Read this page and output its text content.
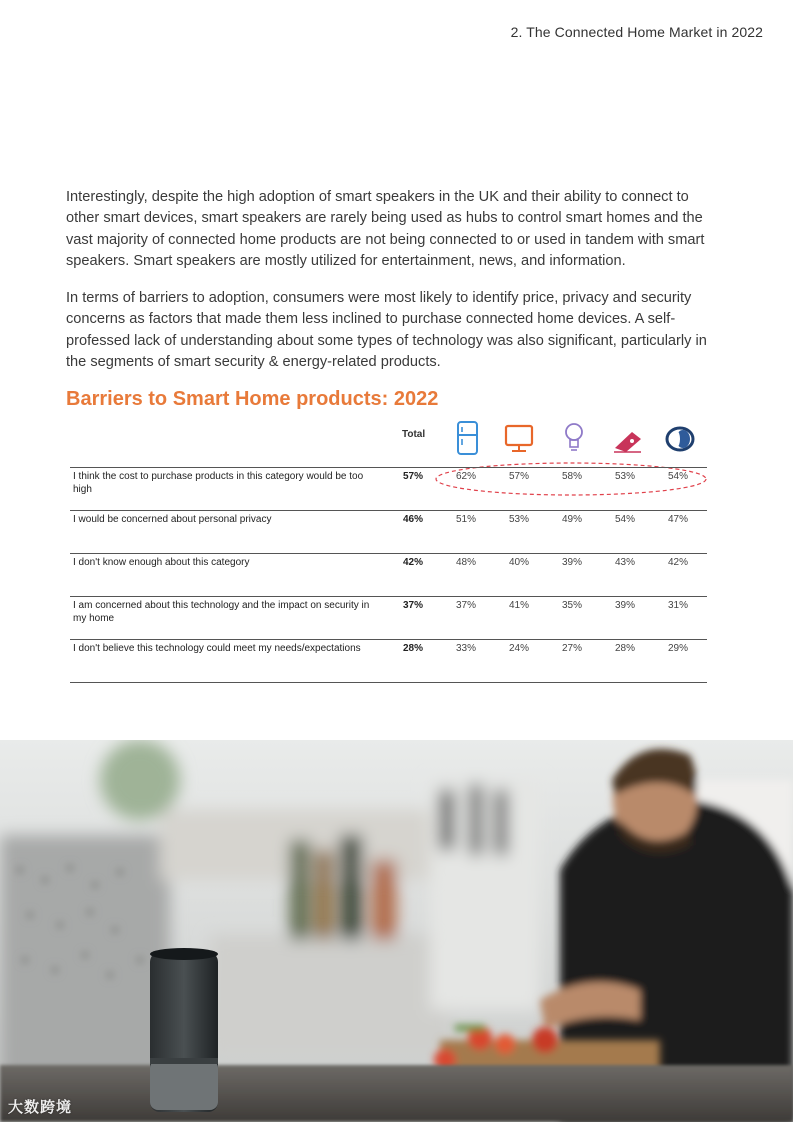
2. The Connected Home Market in 2022

Interestingly, despite the high adoption of smart speakers in the UK and their ability to connect to other smart devices, smart speakers are rarely being used as hubs to control smart homes and the vast majority of connected home products are not being connected to or used in tandem with smart speakers. Smart speakers are mostly utilized for entertainment, news, and information.

In terms of barriers to adoption, consumers were most likely to identify price, privacy and security concerns as factors that made them less inclined to purchase connected home devices. A self-professed lack of understanding about some types of technology was also significant, particularly in the segments of smart security & energy-related products.

Barriers to Smart Home products: 2022
Total
I think the cost to purchase products in this category would be too high
57%	62%	57%	58%	53%	54%
I would be concerned about personal privacy	46%	51%	53%	49%	54%	47%
I don't know enough about this category	42%	48%	40%	39%	43%	42%
I am concerned about this technology and the impact on security in my home
37%	37%	41%	35%	39%	31%
I don't believe this technology could meet my needs/expectations	28%	33%	24%	27%	28%	29%
大数跨境
